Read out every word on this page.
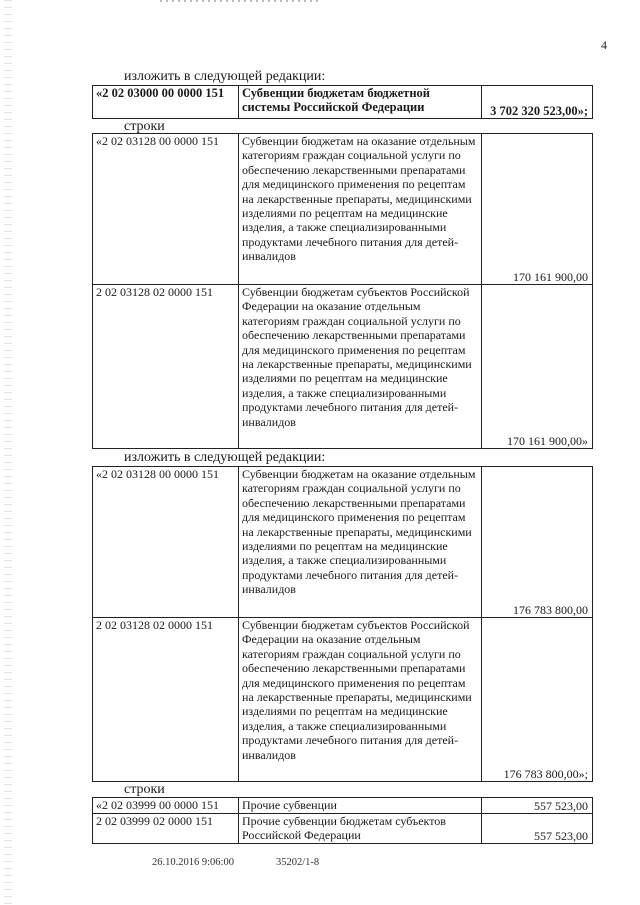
4
изложить в следующей редакции:
«2 02 03000 00 0000 151	Субвенции бюджетам бюджетной системы Российской Федерации	3 702 320 523,00»;
строки
«2 02 03128 00 0000 151	Субвенции бюджетам на оказание отдельным категориям граждан социальной услуги по обеспечению лекарственными препаратами для медицинского применения по рецептам на лекарственные препараты, медицинскими изделиями по рецептам на медицинские изделия, а также специализированными продуктами лечебного питания для детей-инвалидов	170 161 900,00
2 02 03128 02 0000 151	Субвенции бюджетам субъектов Российской Федерации на оказание отдельным категориям граждан социальной услуги по обеспечению лекарственными препаратами для медицинского применения по рецептам на лекарственные препараты, медицинскими изделиями по рецептам на медицинские изделия, а также специализированными продуктами лечебного питания для детей-инвалидов	170 161 900,00»
изложить в следующей редакции:
«2 02 03128 00 0000 151	Субвенции бюджетам на оказание отдельным категориям граждан социальной услуги по обеспечению лекарственными препаратами для медицинского применения по рецептам на лекарственные препараты, медицинскими изделиями по рецептам на медицинские изделия, а также специализированными продуктами лечебного питания для детей-инвалидов	176 783 800,00
2 02 03128 02 0000 151	Субвенции бюджетам субъектов Российской Федерации на оказание отдельным категориям граждан социальной услуги по обеспечению лекарственными препаратами для медицинского применения по рецептам на лекарственные препараты, медицинскими изделиями по рецептам на медицинские изделия, а также специализированными продуктами лечебного питания для детей-инвалидов	176 783 800,00»;
строки
«2 02 03999 00 0000 151	Прочие субвенции	557 523,00
2 02 03999 02 0000 151	Прочие субвенции бюджетам субъектов Российской Федерации	557 523,00
26.10.2016 9:06:00	35202/1-8
